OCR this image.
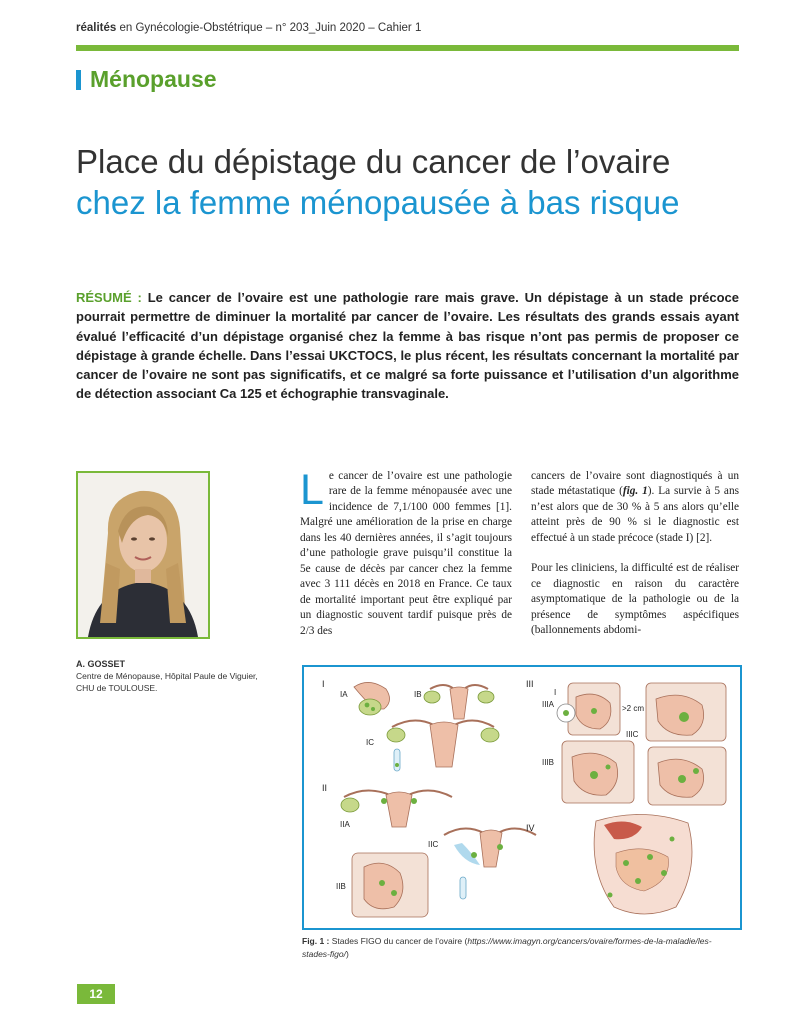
réalités en Gynécologie-Obstétrique – n° 203_Juin 2020 – Cahier 1
Ménopause
Place du dépistage du cancer de l’ovaire
chez la femme ménopausée à bas risque
RÉSUMÉ : Le cancer de l’ovaire est une pathologie rare mais grave. Un dépistage à un stade précoce pourrait permettre de diminuer la mortalité par cancer de l’ovaire. Les résultats des grands essais ayant évalué l’efficacité d’un dépistage organisé chez la femme à bas risque n’ont pas permis de proposer ce dépistage à grande échelle. Dans l’essai UKCTOCS, le plus récent, les résultats concernant la mortalité par cancer de l’ovaire ne sont pas significatifs, et ce malgré sa forte puissance et l’utilisation d’un algorithme de détection associant Ca 125 et échographie transvaginale.
A. GOSSET
Centre de Ménopause, Hôpital Paule de Viguier, CHU de TOULOUSE.
Le cancer de l’ovaire est une pathologie rare de la femme ménopausée avec une incidence de 7,1/100 000 femmes [1]. Malgré une amélioration de la prise en charge dans les 40 dernières années, il s’agit toujours d’une pathologie grave puisqu’il constitue la 5e cause de décès par cancer chez la femme avec 3 111 décès en 2018 en France. Ce taux de mortalité important peut être expliqué par un diagnostic souvent tardif puisque près de 2/3 des

cancers de l’ovaire sont diagnostiqués à un stade métastatique (fig. 1). La survie à 5 ans n’est alors que de 30 % à 5 ans alors qu’elle atteint près de 90 % si le diagnostic est effectué à un stade précoce (stade I) [2].

Pour les cliniciens, la difficulté est de réaliser ce diagnostic en raison du caractère asymptomatique de la pathologie ou de la présence de symptômes aspécifiques (ballonnements abdomi-

I
IA	IB
IC
II
IIA
IIC
IIB
III
I
IIIA	>2 cm
IIIC
IIIB
IV
Fig. 1 : Stades FIGO du cancer de l’ovaire (https://www.imagyn.org/cancers/ovaire/formes-de-la-maladie/les-stades-figo/)
12
